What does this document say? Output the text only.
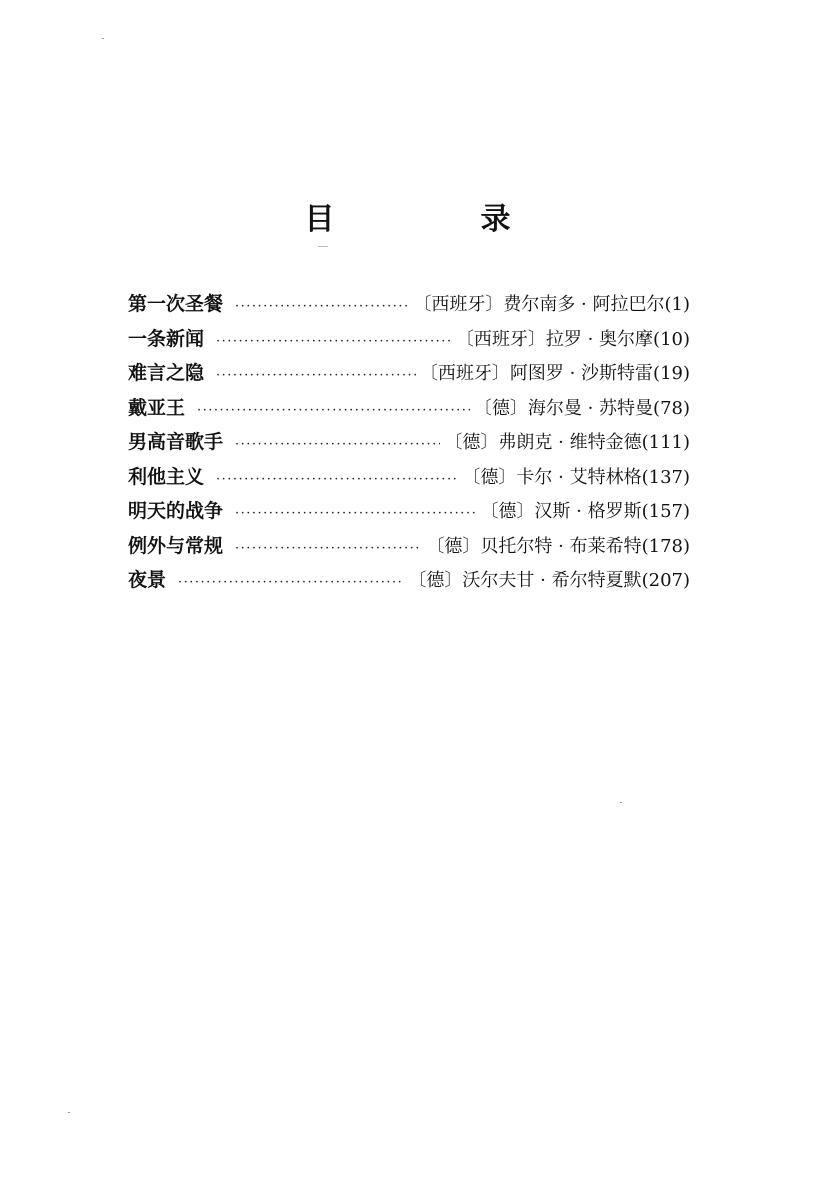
目　录
第一次圣餐 ·····	〔西班牙〕费尔南多 · 阿拉巴尔 (1)
一条新闻 ·····	〔西班牙〕拉罗 · 奥尔摩 (10)
难言之隐 ·····	〔西班牙〕阿图罗 · 沙斯特雷 (19)
戴亚王 ·····	〔德〕海尔曼 · 苏特曼 (78)
男高音歌手 ·····	〔德〕弗朗克 · 维特金德 (111)
利他主义 ·····	〔德〕卡尔 · 艾特林格 (137)
明天的战争 ·····	〔德〕汉斯 · 格罗斯 (157)
例外与常规 ·····	〔德〕贝托尔特 · 布莱希特 (178)
夜景 ·····	〔德〕沃尔夫甘 · 希尔特夏默 (207)
